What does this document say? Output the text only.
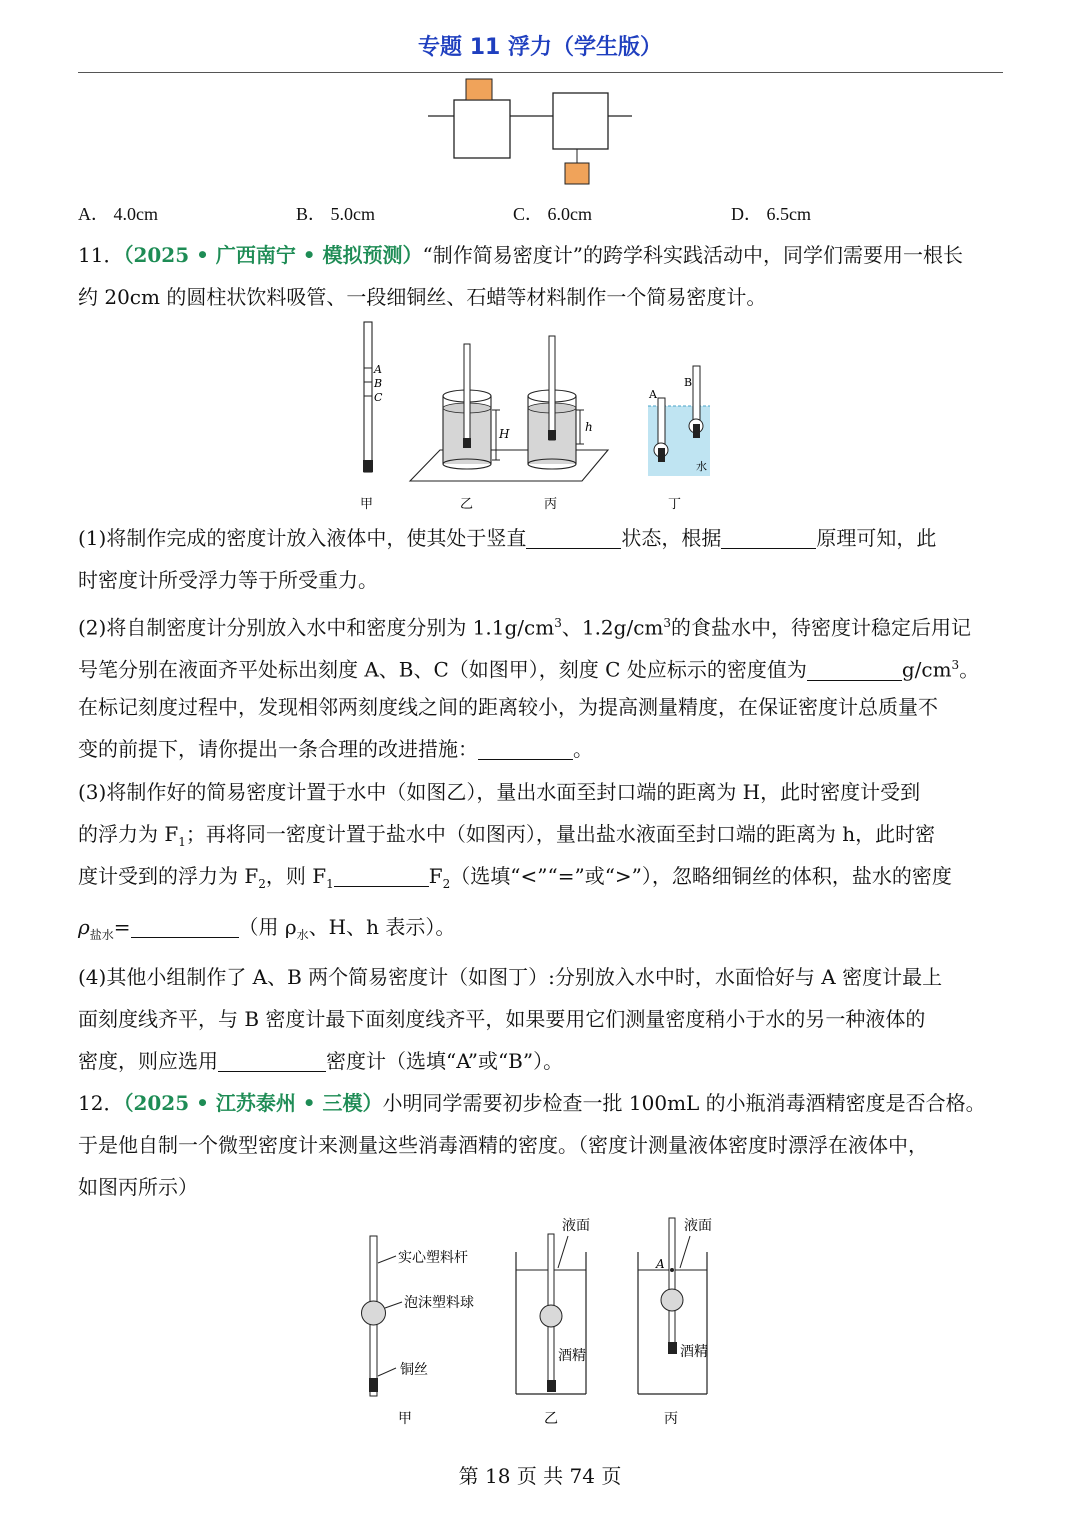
专题 11 浮力（学生版）
A． 4.0cm	B． 5.0cm	C． 6.0cm	D． 6.5cm
11．（2025 • 广西南宁 • 模拟预测）“制作简易密度计”的跨学科实践活动中，同学们需要用一根长
约 20cm 的圆柱状饮料吸管、一段细铜丝、石蜡等材料制作一个简易密度计。
A
B
C
甲
H
乙
h
丙
A
B
水
丁
(1)将制作完成的密度计放入液体中，使其处于竖直	状态，根据	原理可知，此
时密度计所受浮力等于所受重力。
(2)将自制密度计分别放入水中和密度分别为 $1.1g/cm^3$、$1.2g/cm^3$的食盐水中，待密度计稳定后用记
号笔分别在液面齐平处标出刻度 A、B、C（如图甲），刻度 C 处应标示的密度值为	$g/cm^3$。
在标记刻度过程中，发现相邻两刻度线之间的距离较小，为提高测量精度，在保证密度计总质量不
变的前提下，请你提出一条合理的改进措施：	。
(3)将制作好的简易密度计置于水中（如图乙），量出水面至封口端的距离为 H，此时密度计受到
的浮力为 $F_1$；再将同一密度计置于盐水中（如图丙），量出盐水液面至封口端的距离为 h，此时密
度计受到的浮力为 $F_2$，则 $F_1$	$F_2$（选填“<”“=”或“>”），忽略细铜丝的体积，盐水的密度
$\rho_{盐水}=$	（用 $\rho_水$、H、h 表示）。
(4)其他小组制作了 A、B 两个简易密度计（如图丁）:分别放入水中时，水面恰好与 A 密度计最上
面刻度线齐平，与 B 密度计最下面刻度线齐平，如果要用它们测量密度稍小于水的另一种液体的
密度，则应选用	密度计（选填“A”或“B”）。
12．（2025 • 江苏泰州 • 三模）小明同学需要初步检查一批 100mL 的小瓶消毒酒精密度是否合格。
于是他自制一个微型密度计来测量这些消毒酒精的密度。（密度计测量液体密度时漂浮在液体中，
如图丙所示）
实心塑料杆
泡沫塑料球
铜丝
甲
液面
酒精
乙
A
液面
酒精
丙
第 18 页 共 74 页
